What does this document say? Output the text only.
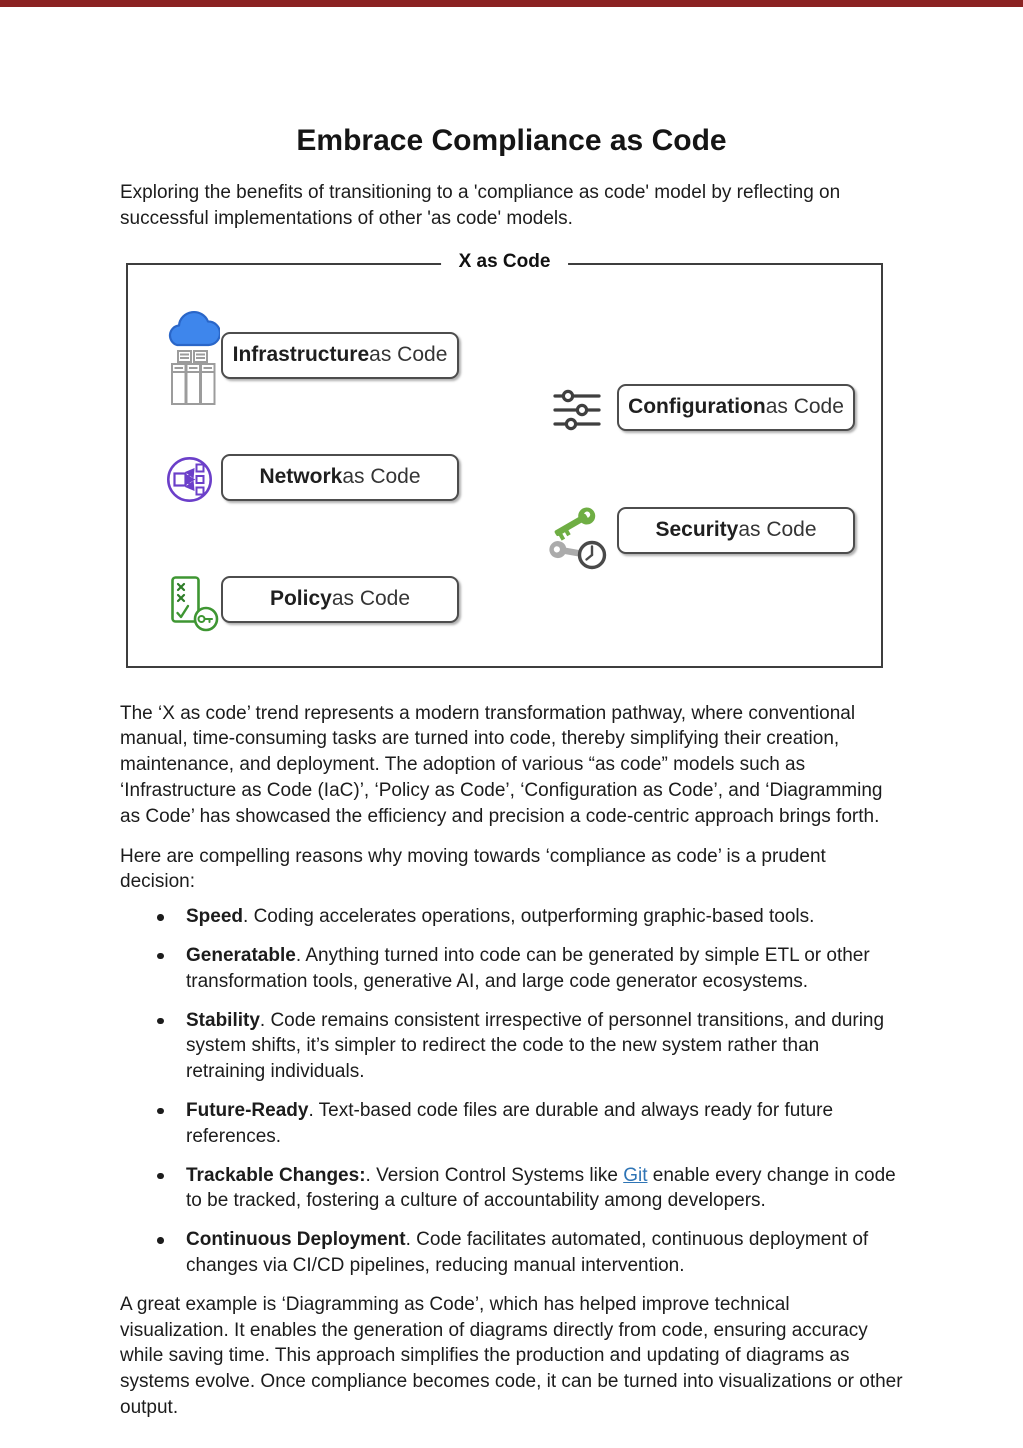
Embrace Compliance as Code

Exploring the benefits of transitioning to a 'compliance as code' model by reflecting on successful implementations of other 'as code' models.

X as Code
Infrastructure as Code
Configuration as Code
Network as Code
Security as Code
Policy as Code

The ‘X as code’ trend represents a modern transformation pathway, where conventional manual, time-consuming tasks are turned into code, thereby simplifying their creation, maintenance, and deployment. The adoption of various “as code” models such as ‘Infrastructure as Code (IaC)’, ‘Policy as Code’, ‘Configuration as Code’, and ‘Diagramming as Code’ has showcased the efficiency and precision a code-centric approach brings forth.

Here are compelling reasons why moving towards ‘compliance as code’ is a prudent decision:

Speed. Coding accelerates operations, outperforming graphic-based tools.
Generatable. Anything turned into code can be generated by simple ETL or other transformation tools, generative AI, and large code generator ecosystems.
Stability. Code remains consistent irrespective of personnel transitions, and during system shifts, it’s simpler to redirect the code to the new system rather than retraining individuals.
Future-Ready. Text-based code files are durable and always ready for future references.
Trackable Changes:. Version Control Systems like Git enable every change in code to be tracked, fostering a culture of accountability among developers.
Continuous Deployment. Code facilitates automated, continuous deployment of changes via CI/CD pipelines, reducing manual intervention.

A great example is ‘Diagramming as Code’, which has helped improve technical visualization. It enables the generation of diagrams directly from code, ensuring accuracy while saving time. This approach simplifies the production and updating of diagrams as systems evolve. Once compliance becomes code, it can be turned into visualizations or other output.
